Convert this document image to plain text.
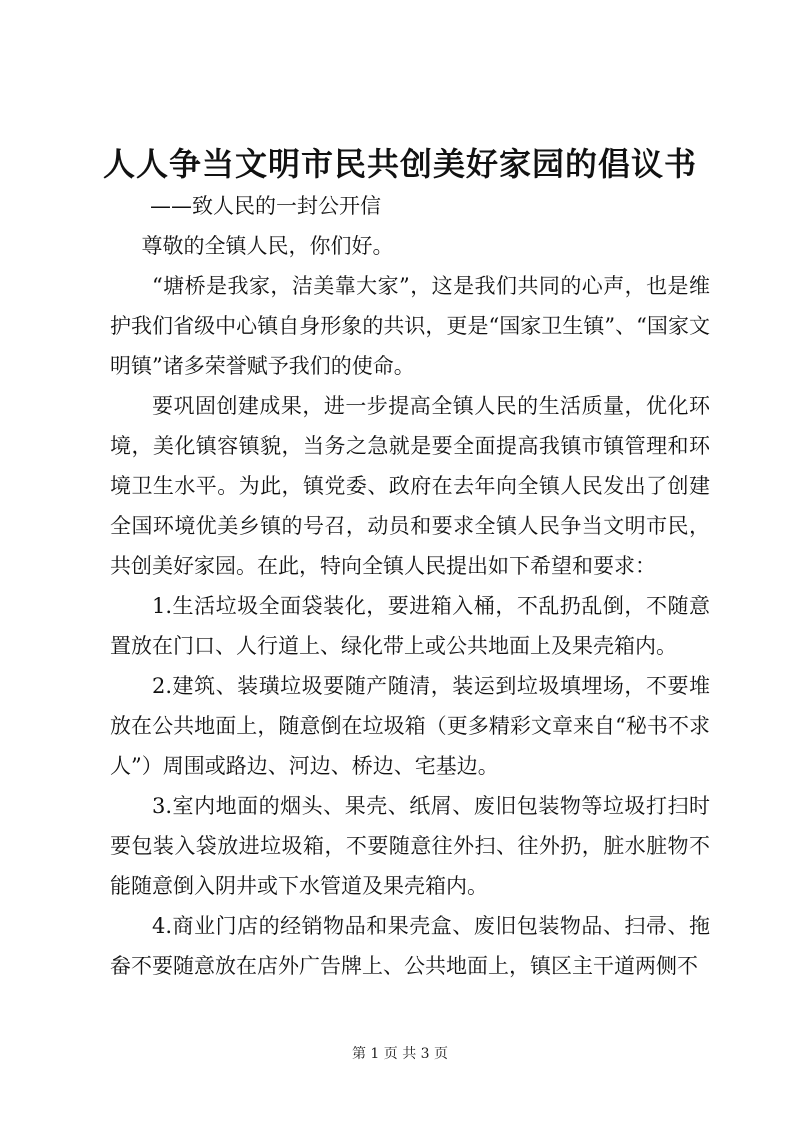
人人争当文明市民共创美好家园的倡议书
——致人民的一封公开信

尊敬的全镇人民，你们好。

“塘桥是我家，洁美靠大家”，这是我们共同的心声，也是维护我们省级中心镇自身形象的共识，更是“国家卫生镇”、“国家文明镇”诸多荣誉赋予我们的使命。

要巩固创建成果，进一步提高全镇人民的生活质量，优化环境，美化镇容镇貌，当务之急就是要全面提高我镇市镇管理和环境卫生水平。为此，镇党委、政府在去年向全镇人民发出了创建全国环境优美乡镇的号召，动员和要求全镇人民争当文明市民，共创美好家园。在此，特向全镇人民提出如下希望和要求：

1.生活垃圾全面袋装化，要进箱入桶，不乱扔乱倒，不随意置放在门口、人行道上、绿化带上或公共地面上及果壳箱内。

2.建筑、装璜垃圾要随产随清，装运到垃圾填埋场，不要堆放在公共地面上，随意倒在垃圾箱（更多精彩文章来自“秘书不求人”）周围或路边、河边、桥边、宅基边。

3.室内地面的烟头、果壳、纸屑、废旧包装物等垃圾打扫时要包装入袋放进垃圾箱，不要随意往外扫、往外扔，脏水脏物不能随意倒入阴井或下水管道及果壳箱内。

4.商业门店的经销物品和果壳盒、废旧包装物品、扫帚、拖畚不要随意放在店外广告牌上、公共地面上，镇区主干道两侧不

第 1 页 共 3 页
